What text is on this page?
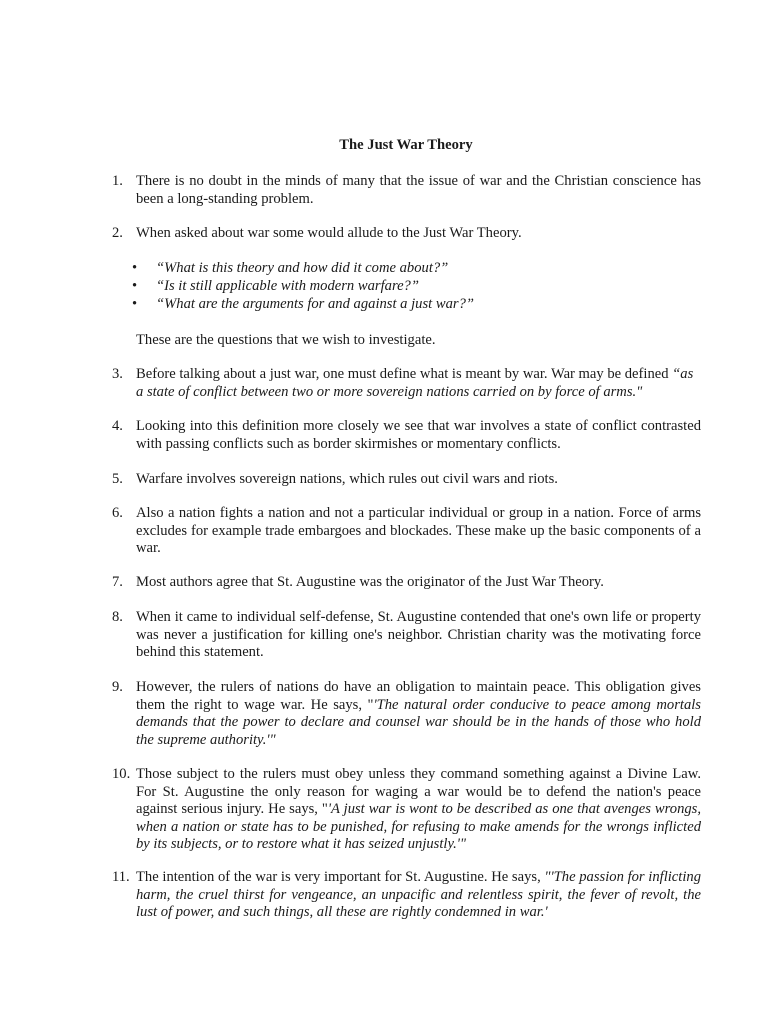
The Just War Theory
1. There is no doubt in the minds of many that the issue of war and the Christian conscience has been a long-standing problem.
2. When asked about war some would allude to the Just War Theory.
• “What is this theory and how did it come about?”
• “Is it still applicable with modern warfare?”
• “What are the arguments for and against a just war?”

These are the questions that we wish to investigate.

3. Before talking about a just war, one must define what is meant by war. War may be defined “as a state of conflict between two or more sovereign nations carried on by force of arms."
4. Looking into this definition more closely we see that war involves a state of conflict contrasted with passing conflicts such as border skirmishes or momentary conflicts.
5. Warfare involves sovereign nations, which rules out civil wars and riots.
6. Also a nation fights a nation and not a particular individual or group in a nation. Force of arms excludes for example trade embargoes and blockades. These make up the basic components of a war.
7. Most authors agree that St. Augustine was the originator of the Just War Theory.
8. When it came to individual self-defense, St. Augustine contended that one's own life or property was never a justification for killing one's neighbor. Christian charity was the motivating force behind this statement.
9. However, the rulers of nations do have an obligation to maintain peace. This obligation gives them the right to wage war. He says, "'The natural order conducive to peace among mortals demands that the power to declare and counsel war should be in the hands of those who hold the supreme authority.'"
10. Those subject to the rulers must obey unless they command something against a Divine Law. For St. Augustine the only reason for waging a war would be to defend the nation's peace against serious injury. He says, "'A just war is wont to be described as one that avenges wrongs, when a nation or state has to be punished, for refusing to make amends for the wrongs inflicted by its subjects, or to restore what it has seized unjustly.'"
11. The intention of the war is very important for St. Augustine. He says, "'The passion for inflicting harm, the cruel thirst for vengeance, an unpacific and relentless spirit, the fever of revolt, the lust of power, and such things, all these are rightly condemned in war.'
